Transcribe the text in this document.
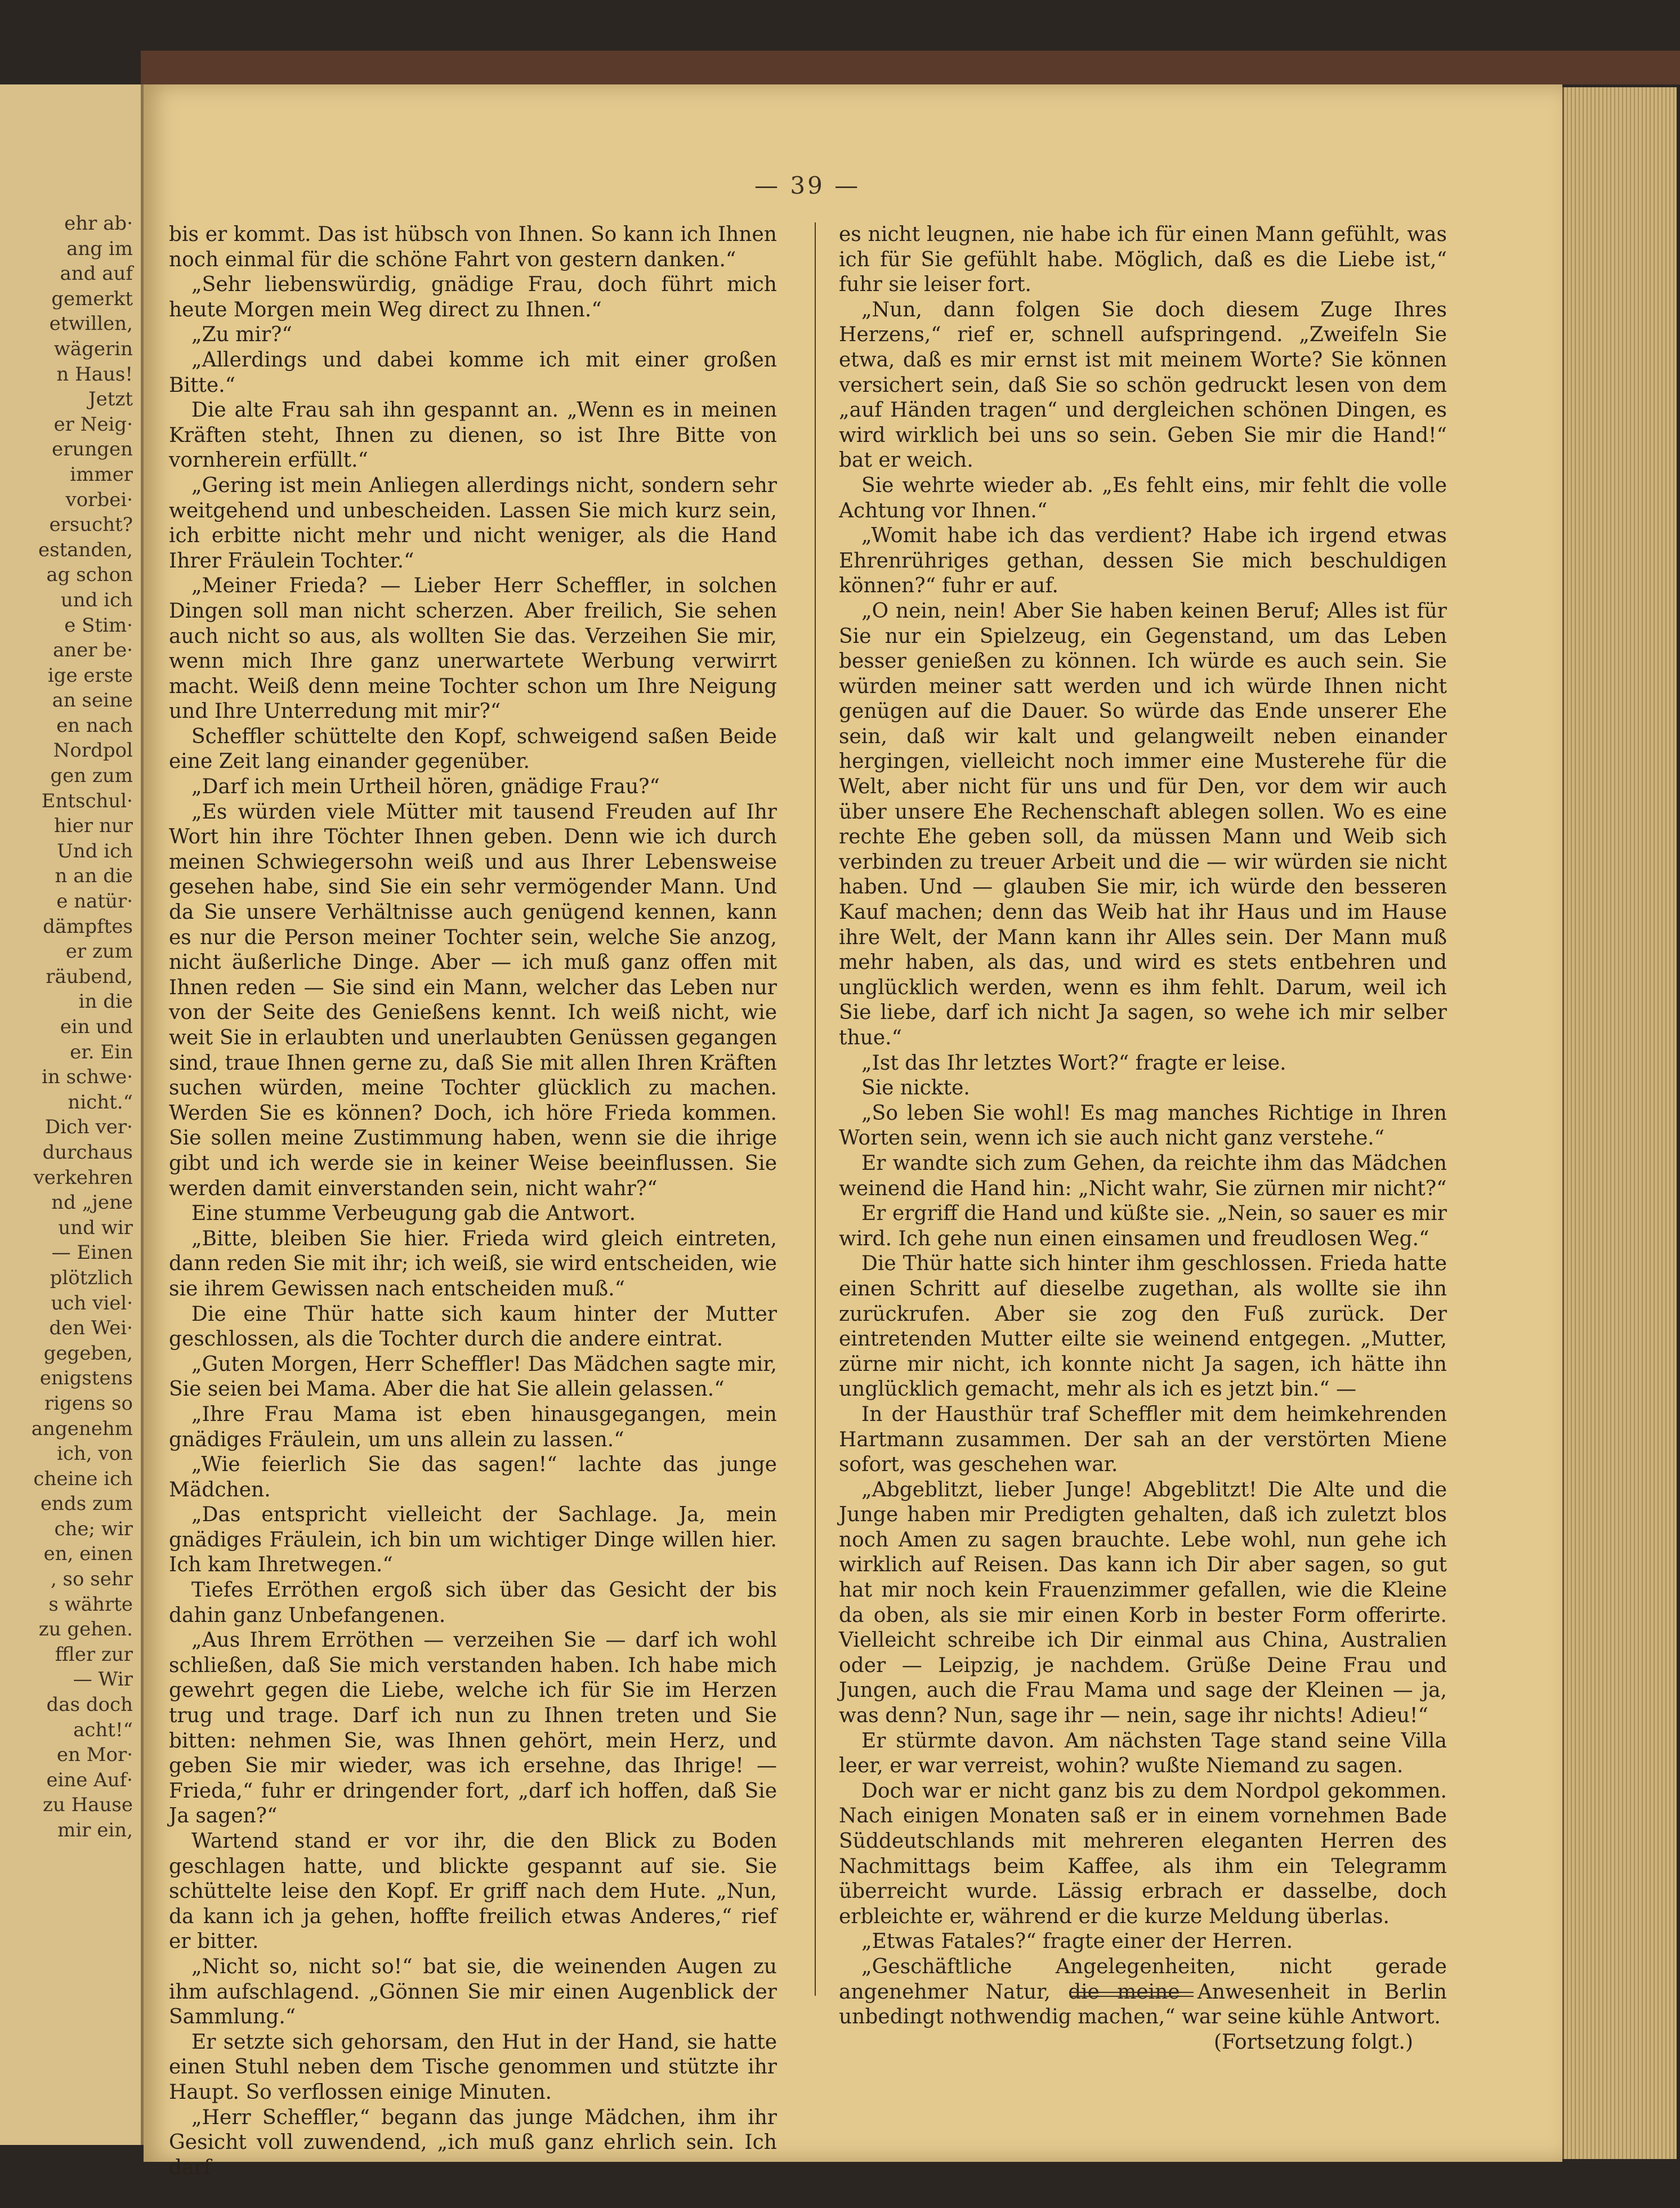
ehr ab·
ang im
and auf
gemerkt
etwillen,
wägerin
n Haus!
Jetzt
er Neig·
erungen
immer
vorbei·
ersucht?
estanden,
ag schon
und ich
e Stim·
aner be·
ige erste
an seine
en nach
Nordpol
gen zum
Entschul·
hier nur
Und ich
n an die
e natür·
dämpftes
er zum
räubend,
in die
ein und
er. Ein
in schwe·
nicht.“
Dich ver·
durchaus
verkehren
nd „jene
und wir
— Einen
plötzlich
uch viel·
den Wei·
gegeben,
enigstens
rigens so
angenehm
ich, von
cheine ich
ends zum
che; wir
en, einen
, so sehr
s währte
zu gehen.
ffler zur
— Wir
das doch
acht!“
en Mor·
eine Auf·
zu Hause
mir ein,
— 39 —

bis er kommt. Das ist hübsch von Ihnen. So kann ich Ihnen noch einmal für die schöne Fahrt von gestern danken.“

„Sehr liebenswürdig, gnädige Frau, doch führt mich heute Morgen mein Weg direct zu Ihnen.“

„Zu mir?“

„Allerdings und dabei komme ich mit einer großen Bitte.“

Die alte Frau sah ihn gespannt an. „Wenn es in meinen Kräften steht, Ihnen zu dienen, so ist Ihre Bitte von vornherein erfüllt.“

„Gering ist mein Anliegen allerdings nicht, sondern sehr weitgehend und unbescheiden. Lassen Sie mich kurz sein, ich erbitte nicht mehr und nicht weniger, als die Hand Ihrer Fräulein Tochter.“

„Meiner Frieda? — Lieber Herr Scheffler, in solchen Dingen soll man nicht scherzen. Aber freilich, Sie sehen auch nicht so aus, als wollten Sie das. Verzeihen Sie mir, wenn mich Ihre ganz unerwartete Werbung verwirrt macht. Weiß denn meine Tochter schon um Ihre Neigung und Ihre Unterredung mit mir?“

Scheffler schüttelte den Kopf, schweigend saßen Beide eine Zeit lang einander gegenüber.

„Darf ich mein Urtheil hören, gnädige Frau?“

„Es würden viele Mütter mit tausend Freuden auf Ihr Wort hin ihre Töchter Ihnen geben. Denn wie ich durch meinen Schwiegersohn weiß und aus Ihrer Lebensweise gesehen habe, sind Sie ein sehr vermögender Mann. Und da Sie unsere Verhältnisse auch genügend kennen, kann es nur die Person meiner Tochter sein, welche Sie anzog, nicht äußerliche Dinge. Aber — ich muß ganz offen mit Ihnen reden — Sie sind ein Mann, welcher das Leben nur von der Seite des Genießens kennt. Ich weiß nicht, wie weit Sie in erlaubten und unerlaubten Genüssen gegangen sind, traue Ihnen gerne zu, daß Sie mit allen Ihren Kräften suchen würden, meine Tochter glücklich zu machen. Werden Sie es können? Doch, ich höre Frieda kommen. Sie sollen meine Zustimmung haben, wenn sie die ihrige gibt und ich werde sie in keiner Weise beeinflussen. Sie werden damit einverstanden sein, nicht wahr?“

Eine stumme Verbeugung gab die Antwort.

„Bitte, bleiben Sie hier. Frieda wird gleich eintreten, dann reden Sie mit ihr; ich weiß, sie wird entscheiden, wie sie ihrem Gewissen nach entscheiden muß.“

Die eine Thür hatte sich kaum hinter der Mutter geschlossen, als die Tochter durch die andere eintrat.

„Guten Morgen, Herr Scheffler! Das Mädchen sagte mir, Sie seien bei Mama. Aber die hat Sie allein gelassen.“

„Ihre Frau Mama ist eben hinausgegangen, mein gnädiges Fräulein, um uns allein zu lassen.“

„Wie feierlich Sie das sagen!“ lachte das junge Mädchen.

„Das entspricht vielleicht der Sachlage. Ja, mein gnädiges Fräulein, ich bin um wichtiger Dinge willen hier. Ich kam Ihretwegen.“

Tiefes Erröthen ergoß sich über das Gesicht der bis dahin ganz Unbefangenen.

„Aus Ihrem Erröthen — verzeihen Sie — darf ich wohl schließen, daß Sie mich verstanden haben. Ich habe mich gewehrt gegen die Liebe, welche ich für Sie im Herzen trug und trage. Darf ich nun zu Ihnen treten und Sie bitten: nehmen Sie, was Ihnen gehört, mein Herz, und geben Sie mir wieder, was ich ersehne, das Ihrige! — Frieda,“ fuhr er dringender fort, „darf ich hoffen, daß Sie Ja sagen?“

Wartend stand er vor ihr, die den Blick zu Boden geschlagen hatte, und blickte gespannt auf sie. Sie schüttelte leise den Kopf. Er griff nach dem Hute. „Nun, da kann ich ja gehen, hoffte freilich etwas Anderes,“ rief er bitter.

„Nicht so, nicht so!“ bat sie, die weinenden Augen zu ihm aufschlagend. „Gönnen Sie mir einen Augenblick der Sammlung.“

Er setzte sich gehorsam, den Hut in der Hand, sie hatte einen Stuhl neben dem Tische genommen und stützte ihr Haupt. So verflossen einige Minuten.

„Herr Scheffler,“ begann das junge Mädchen, ihm ihr Gesicht voll zuwendend, „ich muß ganz ehrlich sein. Ich darf

es nicht leugnen, nie habe ich für einen Mann gefühlt, was ich für Sie gefühlt habe. Möglich, daß es die Liebe ist,“ fuhr sie leiser fort.

„Nun, dann folgen Sie doch diesem Zuge Ihres Herzens,“ rief er, schnell aufspringend. „Zweifeln Sie etwa, daß es mir ernst ist mit meinem Worte? Sie können versichert sein, daß Sie so schön gedruckt lesen von dem „auf Händen tragen“ und dergleichen schönen Dingen, es wird wirklich bei uns so sein. Geben Sie mir die Hand!“ bat er weich.

Sie wehrte wieder ab. „Es fehlt eins, mir fehlt die volle Achtung vor Ihnen.“

„Womit habe ich das verdient? Habe ich irgend etwas Ehrenrühriges gethan, dessen Sie mich beschuldigen können?“ fuhr er auf.

„O nein, nein! Aber Sie haben keinen Beruf; Alles ist für Sie nur ein Spielzeug, ein Gegenstand, um das Leben besser genießen zu können. Ich würde es auch sein. Sie würden meiner satt werden und ich würde Ihnen nicht genügen auf die Dauer. So würde das Ende unserer Ehe sein, daß wir kalt und gelangweilt neben einander hergingen, vielleicht noch immer eine Musterehe für die Welt, aber nicht für uns und für Den, vor dem wir auch über unsere Ehe Rechenschaft ablegen sollen. Wo es eine rechte Ehe geben soll, da müssen Mann und Weib sich verbinden zu treuer Arbeit und die — wir würden sie nicht haben. Und — glauben Sie mir, ich würde den besseren Kauf machen; denn das Weib hat ihr Haus und im Hause ihre Welt, der Mann kann ihr Alles sein. Der Mann muß mehr haben, als das, und wird es stets entbehren und unglücklich werden, wenn es ihm fehlt. Darum, weil ich Sie liebe, darf ich nicht Ja sagen, so wehe ich mir selber thue.“

„Ist das Ihr letztes Wort?“ fragte er leise.

Sie nickte.

„So leben Sie wohl! Es mag manches Richtige in Ihren Worten sein, wenn ich sie auch nicht ganz verstehe.“

Er wandte sich zum Gehen, da reichte ihm das Mädchen weinend die Hand hin: „Nicht wahr, Sie zürnen mir nicht?“

Er ergriff die Hand und küßte sie. „Nein, so sauer es mir wird. Ich gehe nun einen einsamen und freudlosen Weg.“

Die Thür hatte sich hinter ihm geschlossen. Frieda hatte einen Schritt auf dieselbe zugethan, als wollte sie ihn zurückrufen. Aber sie zog den Fuß zurück. Der eintretenden Mutter eilte sie weinend entgegen. „Mutter, zürne mir nicht, ich konnte nicht Ja sagen, ich hätte ihn unglücklich gemacht, mehr als ich es jetzt bin.“ —

In der Hausthür traf Scheffler mit dem heimkehrenden Hartmann zusammen. Der sah an der verstörten Miene sofort, was geschehen war.

„Abgeblitzt, lieber Junge! Abgeblitzt! Die Alte und die Junge haben mir Predigten gehalten, daß ich zuletzt blos noch Amen zu sagen brauchte. Lebe wohl, nun gehe ich wirklich auf Reisen. Das kann ich Dir aber sagen, so gut hat mir noch kein Frauenzimmer gefallen, wie die Kleine da oben, als sie mir einen Korb in bester Form offerirte. Vielleicht schreibe ich Dir einmal aus China, Australien oder — Leipzig, je nachdem. Grüße Deine Frau und Jungen, auch die Frau Mama und sage der Kleinen — ja, was denn? Nun, sage ihr — nein, sage ihr nichts! Adieu!“

Er stürmte davon. Am nächsten Tage stand seine Villa leer, er war verreist, wohin? wußte Niemand zu sagen.

Doch war er nicht ganz bis zu dem Nordpol gekommen. Nach einigen Monaten saß er in einem vornehmen Bade Süddeutschlands mit mehreren eleganten Herren des Nachmittags beim Kaffee, als ihm ein Telegramm überreicht wurde. Lässig erbrach er dasselbe, doch erbleichte er, während er die kurze Meldung überlas.

„Etwas Fatales?“ fragte einer der Herren.

„Geschäftliche Angelegenheiten, nicht gerade angenehmer Natur, die meine Anwesenheit in Berlin unbedingt nothwendig machen,“ war seine kühle Antwort.

(Fortsetzung folgt.)
